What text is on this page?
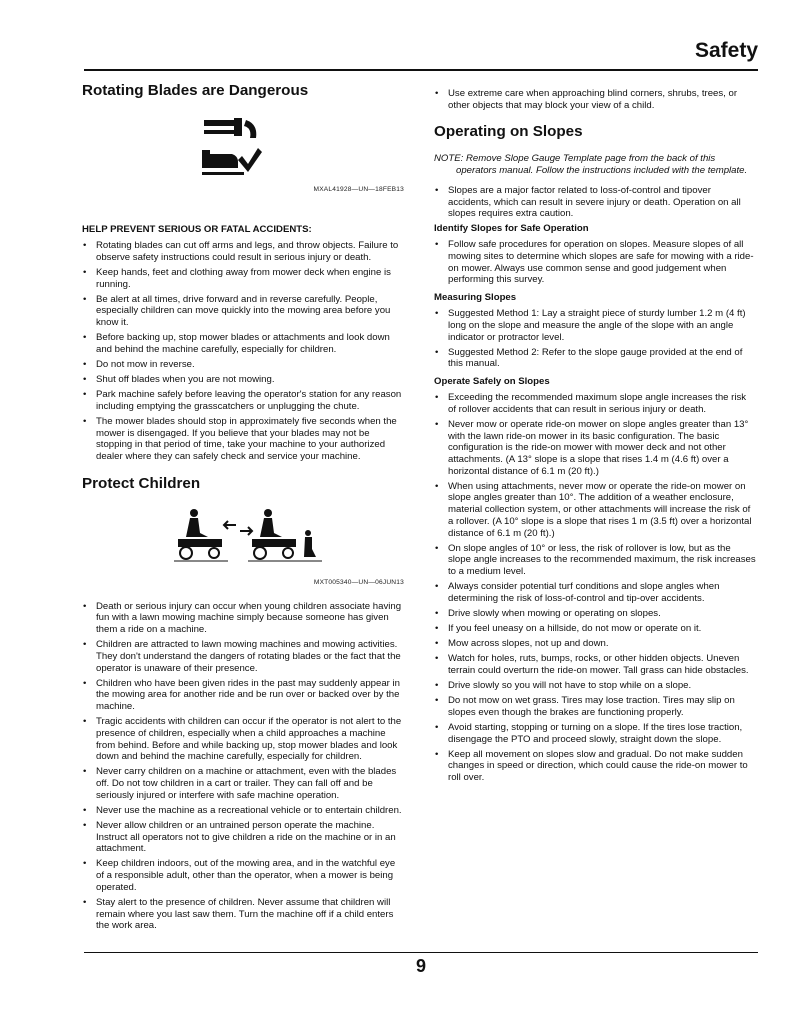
Safety
Rotating Blades are Dangerous
MXAL41928—UN—18FEB13
HELP PREVENT SERIOUS OR FATAL ACCIDENTS:
• Rotating blades can cut off arms and legs, and throw objects. Failure to observe safety instructions could result in serious injury or death.
• Keep hands, feet and clothing away from mower deck when engine is running.
• Be alert at all times, drive forward and in reverse carefully. People, especially children can move quickly into the mowing area before you know it.
• Before backing up, stop mower blades or attachments and look down and behind the machine carefully, especially for children.
• Do not mow in reverse.
• Shut off blades when you are not mowing.
• Park machine safely before leaving the operator's station for any reason including emptying the grasscatchers or unplugging the chute.
• The mower blades should stop in approximately five seconds when the mower is disengaged. If you believe that your blades may not be stopping in that period of time, take your machine to your authorized dealer where they can safely check and service your machine.
Protect Children
MXT005340—UN—06JUN13
• Death or serious injury can occur when young children associate having fun with a lawn mowing machine simply because someone has given them a ride on a machine.
• Children are attracted to lawn mowing machines and mowing activities. They don't understand the dangers of rotating blades or the fact that the operator is unaware of their presence.
• Children who have been given rides in the past may suddenly appear in the mowing area for another ride and be run over or backed over by the machine.
• Tragic accidents with children can occur if the operator is not alert to the presence of children, especially when a child approaches a machine from behind. Before and while backing up, stop mower blades and look down and behind the machine carefully, especially for children.
• Never carry children on a machine or attachment, even with the blades off. Do not tow children in a cart or trailer. They can fall off and be seriously injured or interfere with safe machine operation.
• Never use the machine as a recreational vehicle or to entertain children.
• Never allow children or an untrained person operate the machine. Instruct all operators not to give children a ride on the machine or in an attachment.
• Keep children indoors, out of the mowing area, and in the watchful eye of a responsible adult, other than the operator, when a mower is being operated.
• Stay alert to the presence of children. Never assume that children will remain where you last saw them. Turn the machine off if a child enters the work area.
• Use extreme care when approaching blind corners, shrubs, trees, or other objects that may block your view of a child.
Operating on Slopes

NOTE: Remove Slope Gauge Template page from the back of this operators manual. Follow the instructions included with the template.

• Slopes are a major factor related to loss-of-control and tipover accidents, which can result in severe injury or death. Operation on all slopes requires extra caution.
Identify Slopes for Safe Operation
• Follow safe procedures for operation on slopes. Measure slopes of all mowing sites to determine which slopes are safe for mowing with a ride-on mower. Always use common sense and good judgement when performing this survey.
Measuring Slopes
• Suggested Method 1: Lay a straight piece of sturdy lumber 1.2 m (4 ft) long on the slope and measure the angle of the slope with an angle indicator or protractor level.
• Suggested Method 2: Refer to the slope gauge provided at the end of this manual.
Operate Safely on Slopes
• Exceeding the recommended maximum slope angle increases the risk of rollover accidents that can result in serious injury or death.
• Never mow or operate ride-on mower on slope angles greater than 13° with the lawn ride-on mower in its basic configuration. The basic configuration is the ride-on mower with mower deck and not other attachments. (A 13° slope is a slope that rises 1.4 m (4.6 ft) over a horizontal distance of 6.1 m (20 ft).)
• When using attachments, never mow or operate the ride-on mower on slope angles greater than 10°. The addition of a weather enclosure, material collection system, or other attachments will increase the risk of a rollover. (A 10° slope is a slope that rises 1 m (3.5 ft) over a horizontal distance of 6.1 m (20 ft).)
• On slope angles of 10° or less, the risk of rollover is low, but as the slope angle increases to the recommended maximum, the risk increases to a medium level.
• Always consider potential turf conditions and slope angles when determining the risk of loss-of-control and tip-over accidents.
• Drive slowly when mowing or operating on slopes.
• If you feel uneasy on a hillside, do not mow or operate on it.
• Mow across slopes, not up and down.
• Watch for holes, ruts, bumps, rocks, or other hidden objects. Uneven terrain could overturn the ride-on mower. Tall grass can hide obstacles.
• Drive slowly so you will not have to stop while on a slope.
• Do not mow on wet grass. Tires may lose traction. Tires may slip on slopes even though the brakes are functioning properly.
• Avoid starting, stopping or turning on a slope. If the tires lose traction, disengage the PTO and proceed slowly, straight down the slope.
• Keep all movement on slopes slow and gradual. Do not make sudden changes in speed or direction, which could cause the ride-on mower to roll over.
9
